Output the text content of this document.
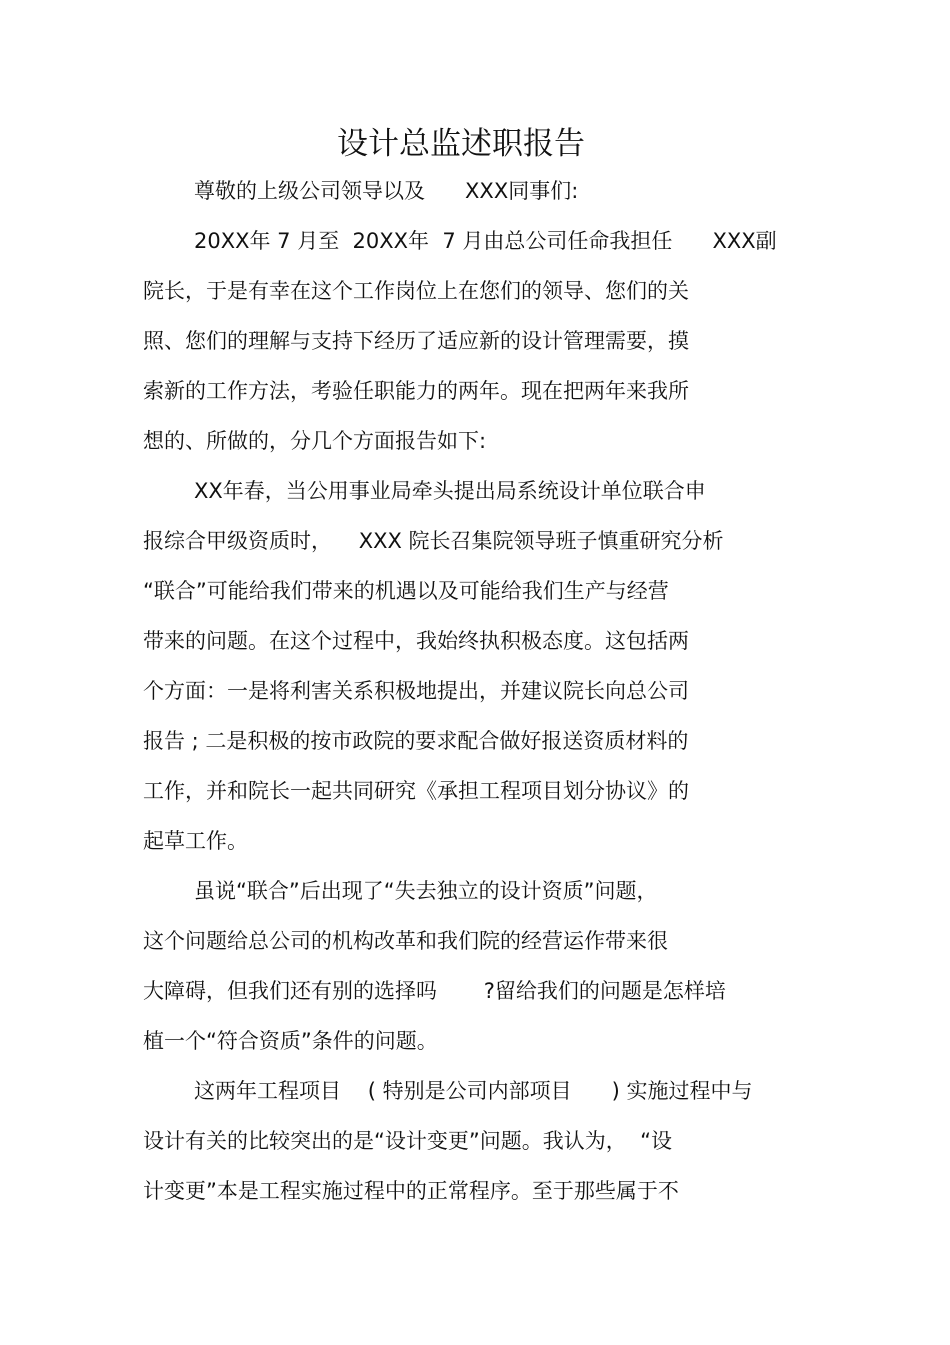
设计总监述职报告
尊敬的上级公司领导以及      XXX同事们:
20XX年 7 月至  20XX年  7 月由总公司任命我担任      XXX副
院长，于是有幸在这个工作岗位上在您们的领导、您们的关
照、您们的理解与支持下经历了适应新的设计管理需要，摸
索新的工作方法，考验任职能力的两年。现在把两年来我所
想的、所做的，分几个方面报告如下:
XX年春，当公用事业局牵头提出局系统设计单位联合申
报综合甲级资质时，    XXX 院长召集院领导班子慎重研究分析
“联合”可能给我们带来的机遇以及可能给我们生产与经营
带来的问题。在这个过程中，我始终执积极态度。这包括两
个方面：一是将利害关系积极地提出，并建议院长向总公司
报告 ; 二是积极的按市政院的要求配合做好报送资质材料的
工作，并和院长一起共同研究《承担工程项目划分协议》的
起草工作。
虽说“联合”后出现了“失去独立的设计资质”问题，
这个问题给总公司的机构改革和我们院的经营运作带来很
大障碍，但我们还有别的选择吗       ?留给我们的问题是怎样培
植一个“符合资质”条件的问题。
这两年工程项目    ( 特别是公司内部项目      ) 实施过程中与
设计有关的比较突出的是“设计变更”问题。我认为，  “设
计变更”本是工程实施过程中的正常程序。至于那些属于不
